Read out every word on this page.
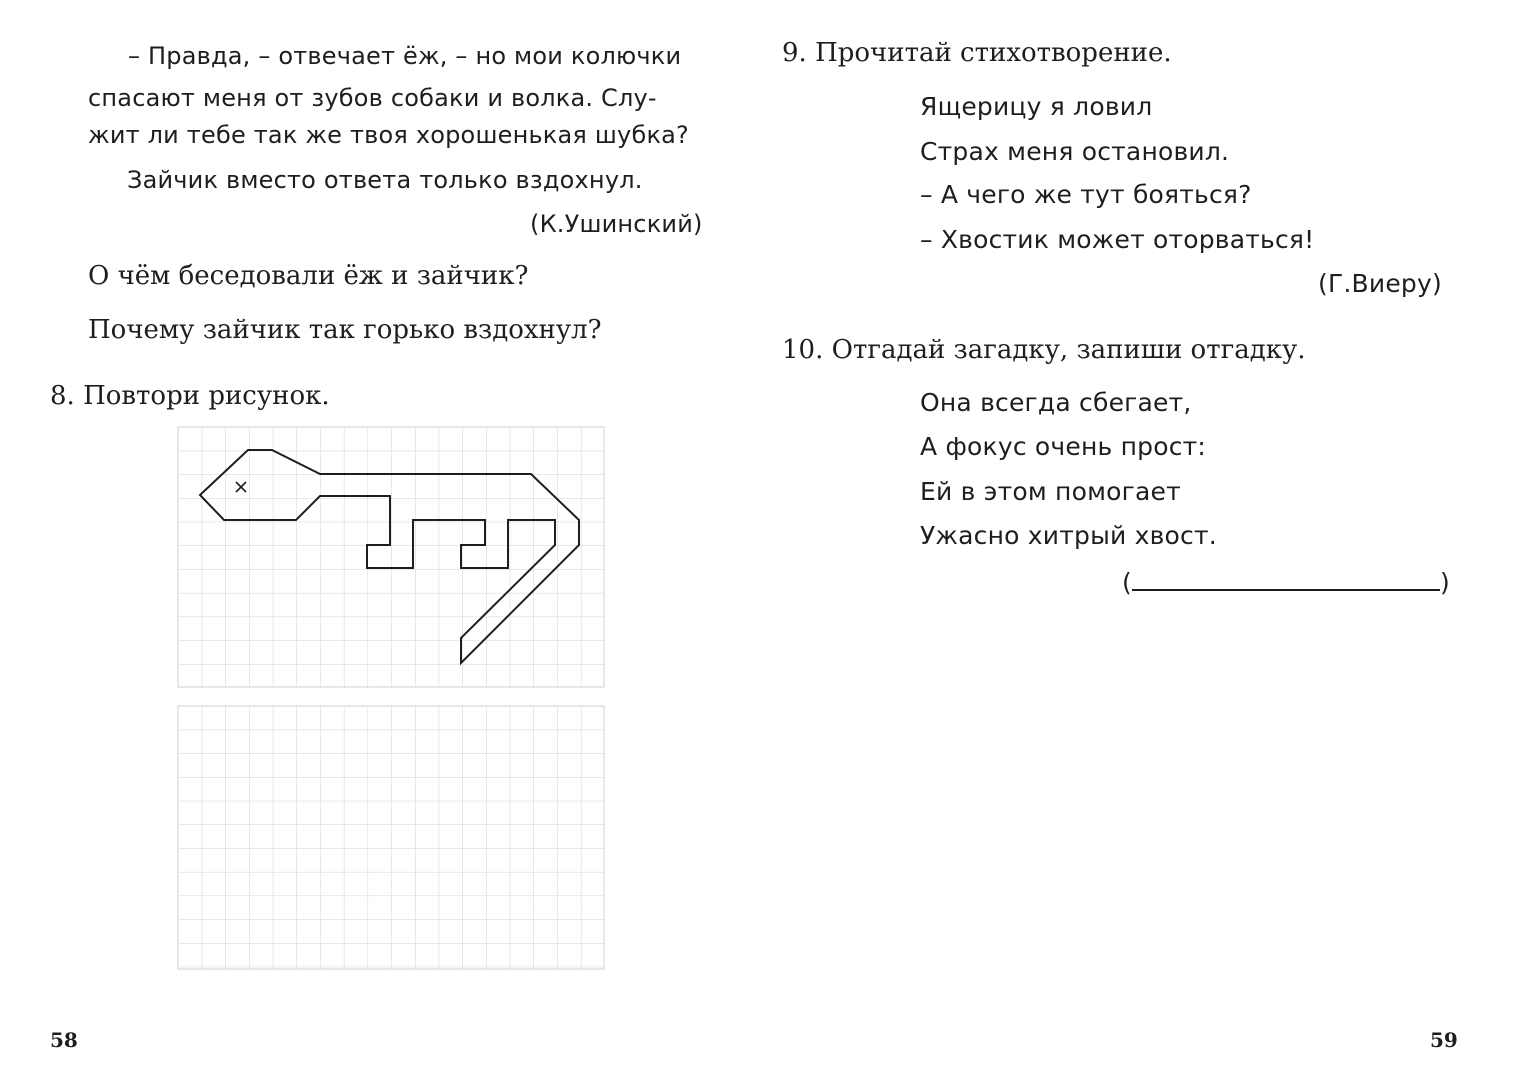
– Правда, – отвечает ёж, – но мои колючки
спасают меня от зубов собаки и волка. Слу-
жит ли тебе так же твоя хорошенькая шубка?
Зайчик вместо ответа только вздохнул.
(К.Ушинский)
О чём беседовали ёж и зайчик?
Почему зайчик так горько вздохнул?
8. Повтори рисунок.
58
9. Прочитай стихотворение.
Ящерицу я ловил
Страх меня остановил.
– А чего же тут бояться?
– Хвостик может оторваться!
(Г.Виеру)
10. Отгадай загадку, запиши отгадку.
Она всегда сбегает,
А фокус очень прост:
Ей в этом помогает
Ужасно хитрый хвост.
(	)
59
